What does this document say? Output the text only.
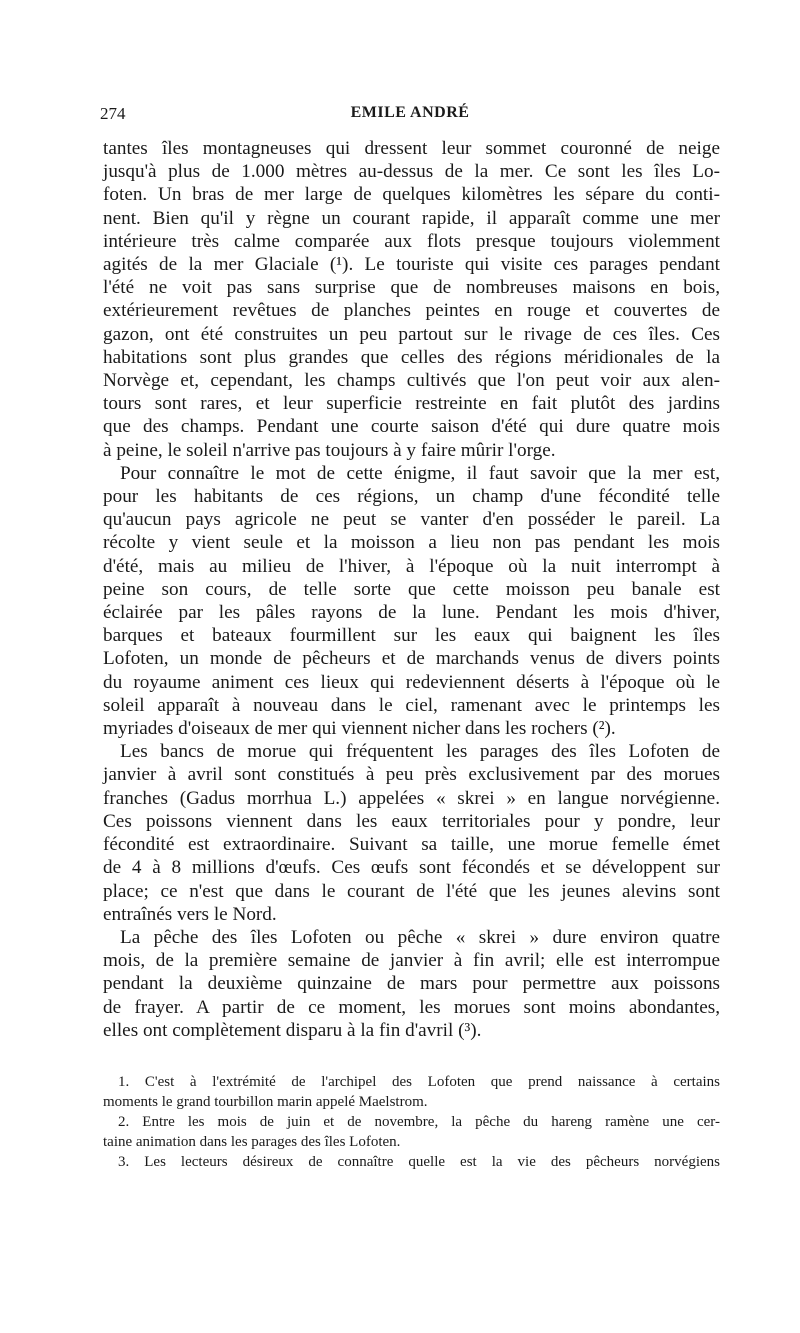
274	EMILE ANDRÉ
tantes îles montagneuses qui dressent leur sommet couronné de neige
jusqu'à plus de 1.000 mètres au-dessus de la mer. Ce sont les îles Lo-
foten. Un bras de mer large de quelques kilomètres les sépare du conti-
nent. Bien qu'il y règne un courant rapide, il apparaît comme une mer
intérieure très calme comparée aux flots presque toujours violemment
agités de la mer Glaciale (¹). Le touriste qui visite ces parages pendant
l'été ne voit pas sans surprise que de nombreuses maisons en bois,
extérieurement revêtues de planches peintes en rouge et couvertes de
gazon, ont été construites un peu partout sur le rivage de ces îles. Ces
habitations sont plus grandes que celles des régions méridionales de la
Norvège et, cependant, les champs cultivés que l'on peut voir aux alen-
tours sont rares, et leur superficie restreinte en fait plutôt des jardins
que des champs. Pendant une courte saison d'été qui dure quatre mois
à peine, le soleil n'arrive pas toujours à y faire mûrir l'orge.
Pour connaître le mot de cette énigme, il faut savoir que la mer est,
pour les habitants de ces régions, un champ d'une fécondité telle
qu'aucun pays agricole ne peut se vanter d'en posséder le pareil. La
récolte y vient seule et la moisson a lieu non pas pendant les mois
d'été, mais au milieu de l'hiver, à l'époque où la nuit interrompt à
peine son cours, de telle sorte que cette moisson peu banale est
éclairée par les pâles rayons de la lune. Pendant les mois d'hiver,
barques et bateaux fourmillent sur les eaux qui baignent les îles
Lofoten, un monde de pêcheurs et de marchands venus de divers points
du royaume animent ces lieux qui redeviennent déserts à l'époque où le
soleil apparaît à nouveau dans le ciel, ramenant avec le printemps les
myriades d'oiseaux de mer qui viennent nicher dans les rochers (²).
Les bancs de morue qui fréquentent les parages des îles Lofoten de
janvier à avril sont constitués à peu près exclusivement par des morues
franches (Gadus morrhua L.) appelées « skrei » en langue norvégienne.
Ces poissons viennent dans les eaux territoriales pour y pondre, leur
fécondité est extraordinaire. Suivant sa taille, une morue femelle émet
de 4 à 8 millions d'œufs. Ces œufs sont fécondés et se développent sur
place; ce n'est que dans le courant de l'été que les jeunes alevins sont
entraînés vers le Nord.
La pêche des îles Lofoten ou pêche « skrei » dure environ quatre
mois, de la première semaine de janvier à fin avril; elle est interrompue
pendant la deuxième quinzaine de mars pour permettre aux poissons
de frayer. A partir de ce moment, les morues sont moins abondantes,
elles ont complètement disparu à la fin d'avril (³).
1. C'est à l'extrémité de l'archipel des Lofoten que prend naissance à certains
moments le grand tourbillon marin appelé Maelstrom.
2. Entre les mois de juin et de novembre, la pêche du hareng ramène une cer-
taine animation dans les parages des îles Lofoten.
3. Les lecteurs désireux de connaître quelle est la vie des pêcheurs norvégiens
